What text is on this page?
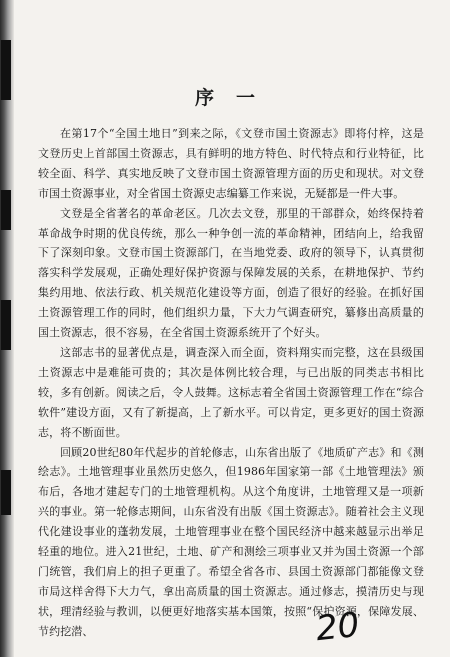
序一

在第17个“全国土地日”到来之际，《文登市国土资源志》即将付梓，这是文登历史上首部国土资源志，具有鲜明的地方特色、时代特点和行业特征，比较全面、科学、真实地反映了文登市国土资源管理方面的历史和现状。对文登市国土资源事业，对全省国土资源史志编纂工作来说，无疑都是一件大事。

文登是全省著名的革命老区。几次去文登，那里的干部群众，始终保持着革命战争时期的优良传统，那么一种争创一流的革命精神，团结向上，给我留下了深刻印象。文登市国土资源部门，在当地党委、政府的领导下，认真贯彻落实科学发展观，正确处理好保护资源与保障发展的关系，在耕地保护、节约集约用地、依法行政、机关规范化建设等方面，创造了很好的经验。在抓好国土资源管理工作的同时，他们组织力量，下大力气调查研究，纂修出高质量的国土资源志，很不容易，在全省国土资源系统开了个好头。

这部志书的显著优点是，调查深入而全面，资料翔实而完整，这在县级国土资源志中是难能可贵的；其次是体例比较合理，与已出版的同类志书相比较，多有创新。阅读之后，令人鼓舞。这标志着全省国土资源管理工作在“综合软件”建设方面，又有了新提高，上了新水平。可以肯定，更多更好的国土资源志，将不断面世。

回顾20世纪80年代起步的首轮修志，山东省出版了《地质矿产志》和《测绘志》。土地管理事业虽然历史悠久，但1986年国家第一部《土地管理法》颁布后，各地才建起专门的土地管理机构。从这个角度讲，土地管理又是一项新兴的事业。第一轮修志期间，山东省没有出版《国土资源志》。随着社会主义现代化建设事业的蓬勃发展，土地管理事业在整个国民经济中越来越显示出举足轻重的地位。进入21世纪，土地、矿产和测绘三项事业又并为国土资源一个部门统管，我们肩上的担子更重了。希望全省各市、县国土资源部门都能像文登市局这样舍得下大力气，拿出高质量的国土资源志。通过修志，摸清历史与现状，理清经验与教训，以便更好地落实基本国策，按照“保护资源，保障发展、节约挖潜、	20
